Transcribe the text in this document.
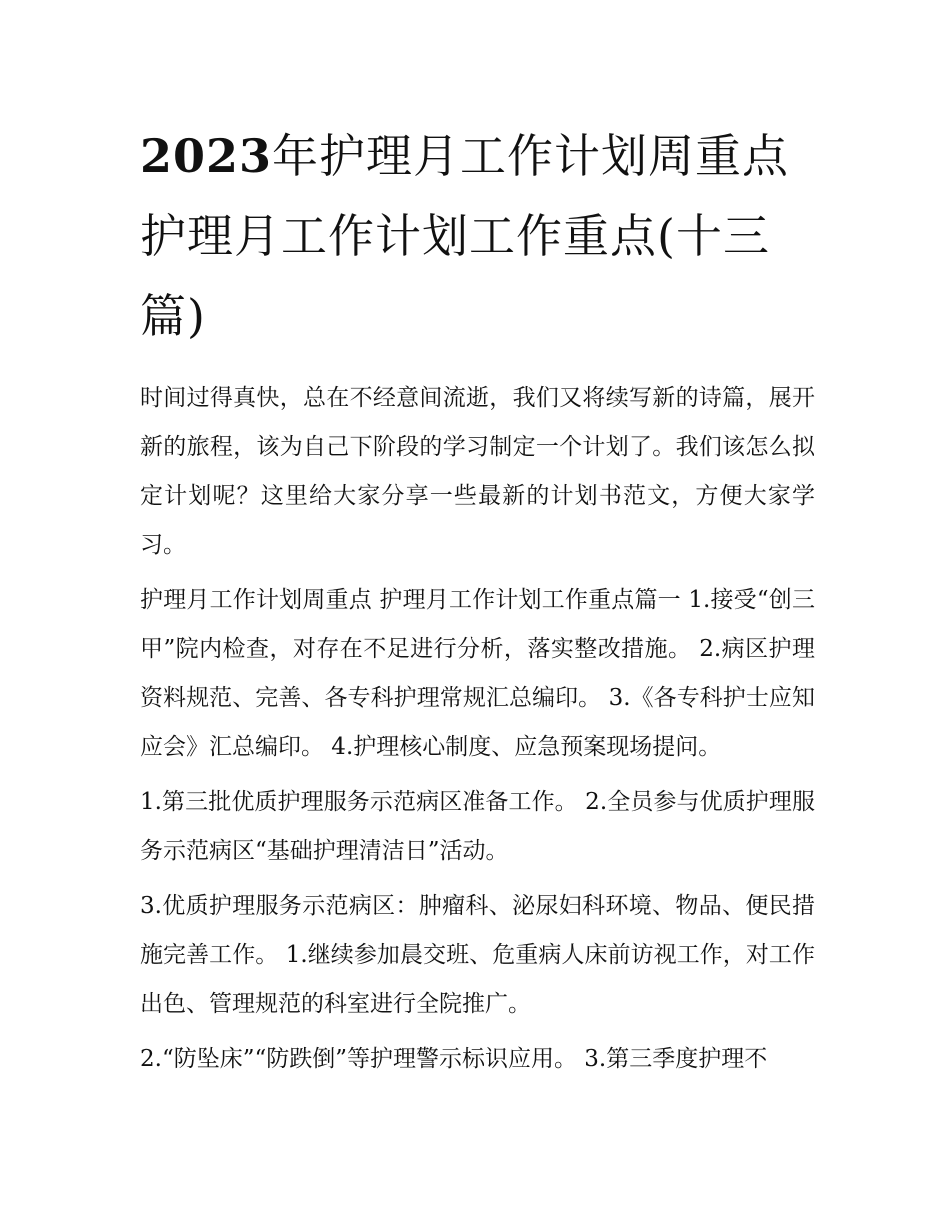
2023年护理月工作计划周重点 护理月工作计划工作重点(十三篇)

时间过得真快，总在不经意间流逝，我们又将续写新的诗篇，展开新的旅程，该为自己下阶段的学习制定一个计划了。我们该怎么拟定计划呢？这里给大家分享一些最新的计划书范文，方便大家学习。

护理月工作计划周重点 护理月工作计划工作重点篇一 1.接受“创三甲”院内检查，对存在不足进行分析，落实整改措施。 2.病区护理资料规范、完善、各专科护理常规汇总编印。 3.《各专科护士应知应会》汇总编印。 4.护理核心制度、应急预案现场提问。

1.第三批优质护理服务示范病区准备工作。 2.全员参与优质护理服务示范病区“基础护理清洁日”活动。

3.优质护理服务示范病区：肿瘤科、泌尿妇科环境、物品、便民措施完善工作。 1.继续参加晨交班、危重病人床前访视工作，对工作出色、管理规范的科室进行全院推广。

2.“防坠床”“防跌倒”等护理警示标识应用。 3.第三季度护理不
